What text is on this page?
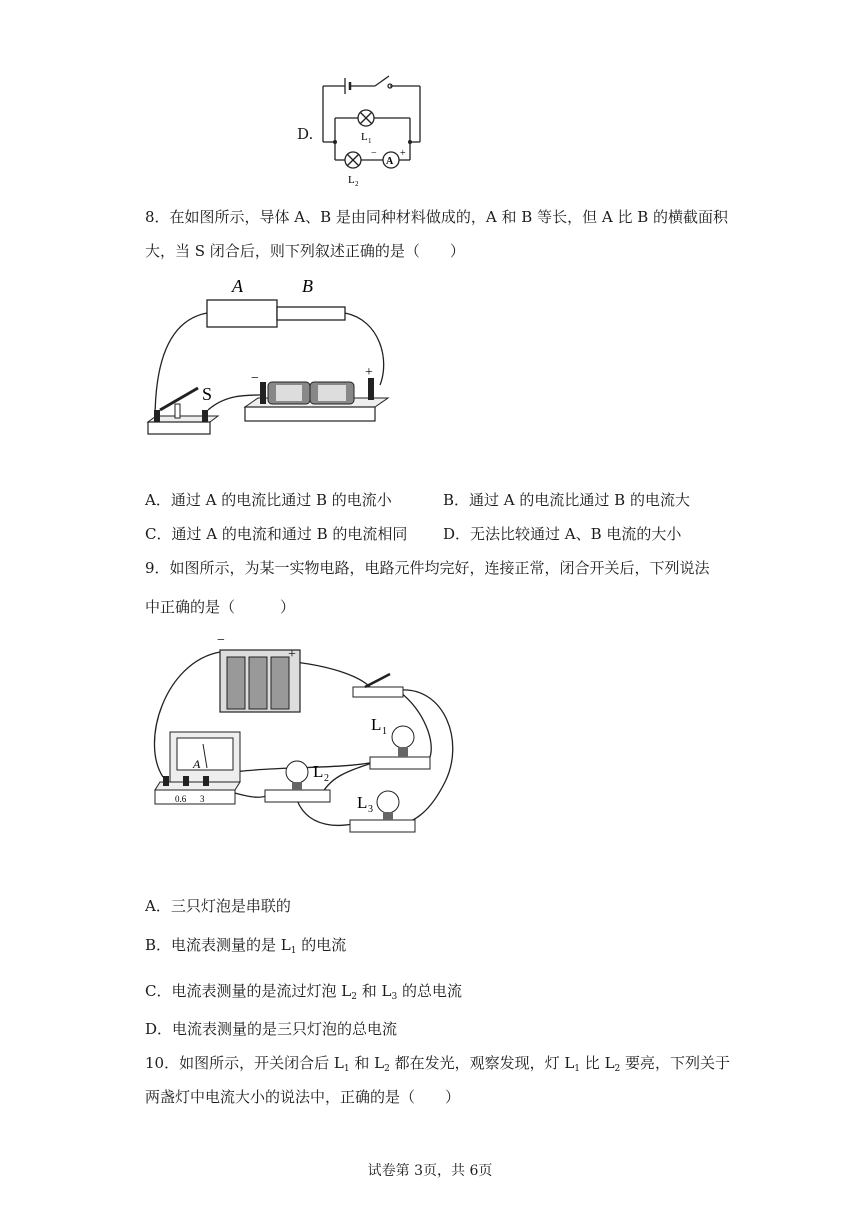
D.	L 1
L 2
A
− +
8．在如图所示，导体 A、B 是由同种材料做成的，A 和 B 等长，但 A 比 B 的横截面积
大，当 S 闭合后，则下列叙述正确的是（　　）
A	B
S
−	+
A．通过 A 的电流比通过 B 的电流小	B．通过 A 的电流比通过 B 的电流大
C．通过 A 的电流和通过 B 的电流相同 D．无法比较通过 A、B 电流的大小
9．如图所示，为某一实物电路，电路元件均完好，连接正常，闭合开关后，下列说法
中正确的是（　　　）
−
+
A
0.6 3
L 1
L 2
L 3
A．三只灯泡是串联的
B．电流表测量的是 $L_1$ 的电流
C．电流表测量的是流过灯泡 $L_2$ 和 $L_3$ 的总电流
D．电流表测量的是三只灯泡的总电流
10．如图所示，开关闭合后 $L_1$ 和 $L_2$ 都在发光，观察发现，灯 $L_1$ 比 $L_2$ 要亮，下列关于
两盏灯中电流大小的说法中，正确的是（　　）
试卷第 3页，共 6页
